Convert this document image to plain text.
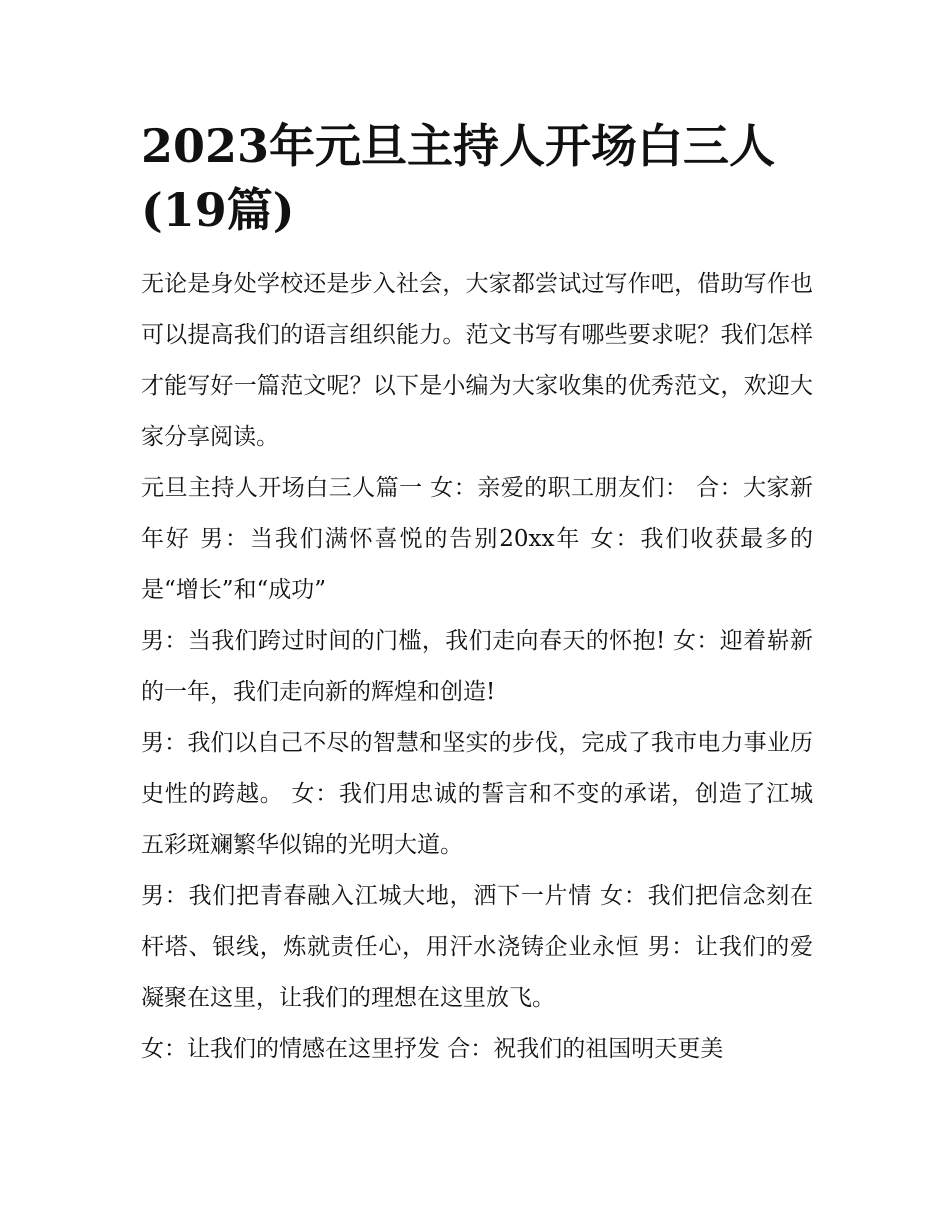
2023年元旦主持人开场白三人(19篇)

无论是身处学校还是步入社会，大家都尝试过写作吧，借助写作也可以提高我们的语言组织能力。范文书写有哪些要求呢？我们怎样才能写好一篇范文呢？以下是小编为大家收集的优秀范文，欢迎大家分享阅读。

元旦主持人开场白三人篇一 女：亲爱的职工朋友们： 合：大家新年好 男：当我们满怀喜悦的告别20xx年 女：我们收获最多的是“增长”和“成功”

男：当我们跨过时间的门槛，我们走向春天的怀抱! 女：迎着崭新的一年，我们走向新的辉煌和创造!

男：我们以自己不尽的智慧和坚实的步伐，完成了我市电力事业历史性的跨越。 女：我们用忠诚的誓言和不变的承诺，创造了江城五彩斑斓繁华似锦的光明大道。

男：我们把青春融入江城大地，洒下一片情 女：我们把信念刻在杆塔、银线，炼就责任心，用汗水浇铸企业永恒 男：让我们的爱凝聚在这里，让我们的理想在这里放飞。

女：让我们的情感在这里抒发 合：祝我们的祖国明天更美
